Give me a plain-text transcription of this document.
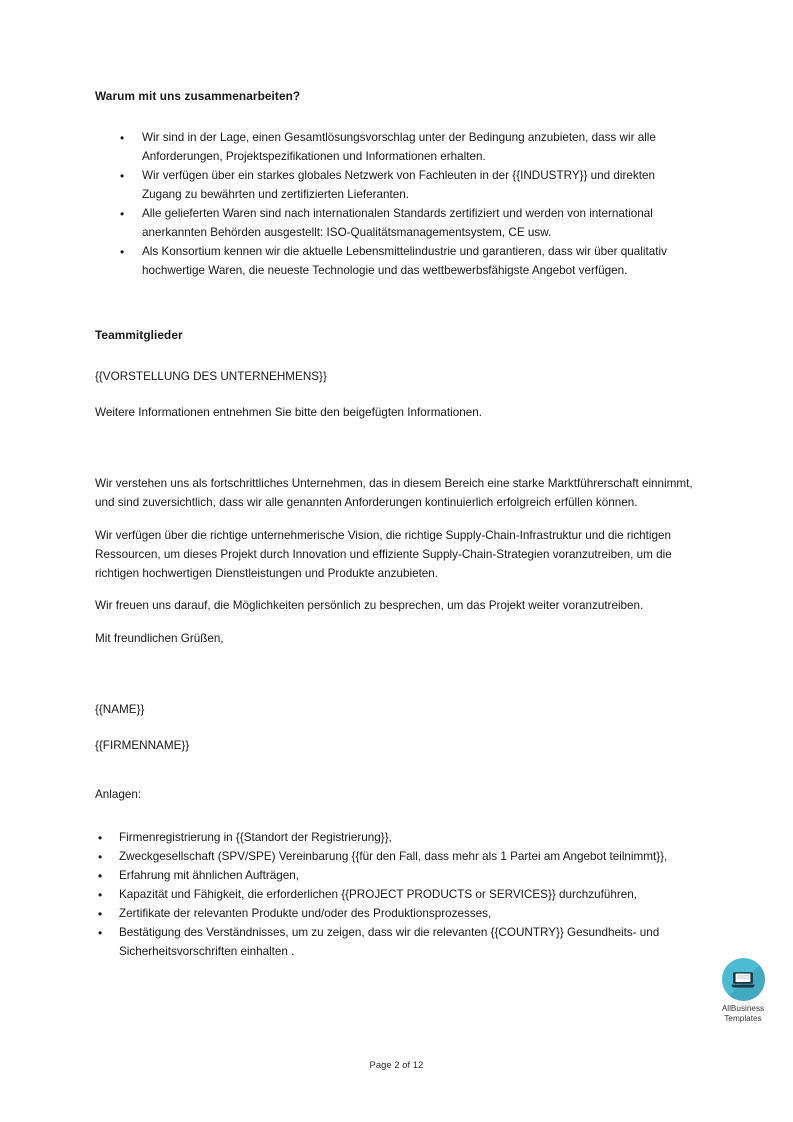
Warum mit uns zusammenarbeiten?
• Wir sind in der Lage, einen Gesamtlösungsvorschlag unter der Bedingung anzubieten, dass wir alle Anforderungen, Projektspezifikationen und Informationen erhalten.
• Wir verfügen über ein starkes globales Netzwerk von Fachleuten in der {{INDUSTRY}} und direkten Zugang zu bewährten und zertifizierten Lieferanten.
• Alle gelieferten Waren sind nach internationalen Standards zertifiziert und werden von international anerkannten Behörden ausgestellt: ISO-Qualitätsmanagementsystem, CE usw.
• Als Konsortium kennen wir die aktuelle Lebensmittelindustrie und garantieren, dass wir über qualitativ hochwertige Waren, die neueste Technologie und das wettbewerbsfähigste Angebot verfügen.
Teammitglieder

{{VORSTELLUNG DES UNTERNEHMENS}}

Weitere Informationen entnehmen Sie bitte den beigefügten Informationen.

Wir verstehen uns als fortschrittliches Unternehmen, das in diesem Bereich eine starke Marktführerschaft einnimmt, und sind zuversichtlich, dass wir alle genannten Anforderungen kontinuierlich erfolgreich erfüllen können.

Wir verfügen über die richtige unternehmerische Vision, die richtige Supply-Chain-Infrastruktur und die richtigen Ressourcen, um dieses Projekt durch Innovation und effiziente Supply-Chain-Strategien voranzutreiben, um die richtigen hochwertigen Dienstleistungen und Produkte anzubieten.

Wir freuen uns darauf, die Möglichkeiten persönlich zu besprechen, um das Projekt weiter voranzutreiben.

Mit freundlichen Grüßen,

{{NAME}}

{{FIRMENNAME}}

Anlagen:

• Firmenregistrierung in {{Standort der Registrierung}},
• Zweckgesellschaft (SPV/SPE) Vereinbarung {{für den Fall, dass mehr als 1 Partei am Angebot teilnimmt}},
• Erfahrung mit ähnlichen Aufträgen,
• Kapazität und Fähigkeit, die erforderlichen {{PROJECT PRODUCTS or SERVICES}} durchzuführen,
• Zertifikate der relevanten Produkte und/oder des Produktionsprozesses,
• Bestätigung des Verständnisses, um zu zeigen, dass wir die relevanten {{COUNTRY}} Gesundheits- und Sicherheitsvorschriften einhalten .
AllBusiness
Templates
Page 2 of 12
